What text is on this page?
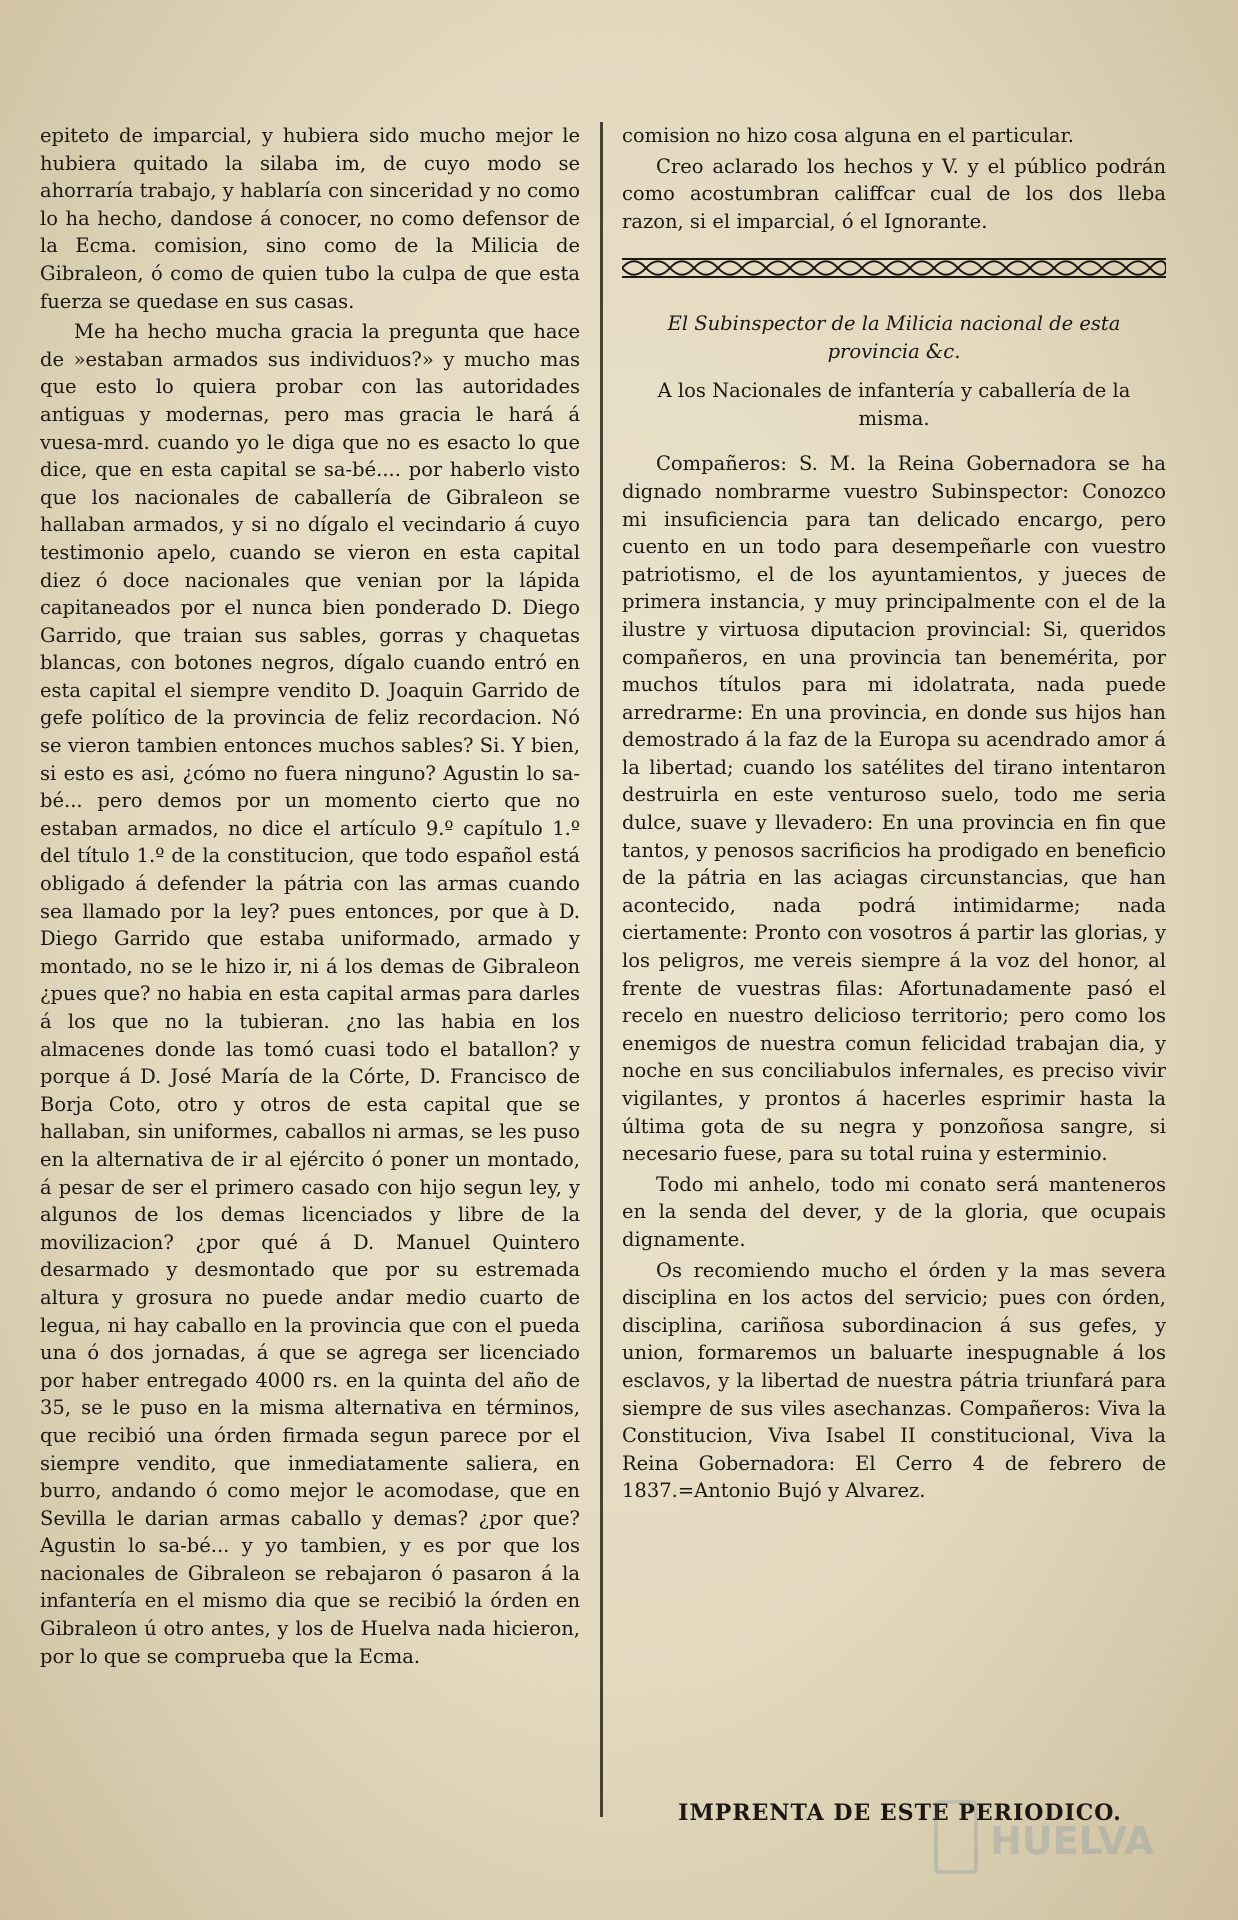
epiteto de imparcial, y hubiera sido mucho mejor le hubiera quitado la silaba im, de cuyo modo se ahorraría trabajo, y hablaría con sinceridad y no como lo ha hecho, dandose á conocer, no como defensor de la Ecma. comision, sino como de la Milicia de Gibraleon, ó como de quien tubo la culpa de que esta fuerza se quedase en sus casas.

Me ha hecho mucha gracia la pregunta que hace de »estaban armados sus individuos?» y mucho mas que esto lo quiera probar con las autoridades antiguas y modernas, pero mas gracia le hará á vuesa-mrd. cuando yo le diga que no es esacto lo que dice, que en esta capital se sa-bé.... por haberlo visto que los nacionales de caballería de Gibraleon se hallaban armados, y si no dígalo el vecindario á cuyo testimonio apelo, cuando se vieron en esta capital diez ó doce nacionales que venian por la lápida capitaneados por el nunca bien ponderado D. Diego Garrido, que traian sus sables, gorras y chaquetas blancas, con botones negros, dígalo cuando entró en esta capital el siempre vendito D. Joaquin Garrido de gefe político de la provincia de feliz recordacion. Nó se vieron tambien entonces muchos sables? Si. Y bien, si esto es asi, ¿cómo no fuera ninguno? Agustin lo sa-bé... pero demos por un momento cierto que no estaban armados, no dice el artículo 9.º capítulo 1.º del título 1.º de la constitucion, que todo español está obligado á defender la pátria con las armas cuando sea llamado por la ley? pues entonces, por que à D. Diego Garrido que estaba uniformado, armado y montado, no se le hizo ir, ni á los demas de Gibraleon ¿pues que? no habia en esta capital armas para darles á los que no la tubieran. ¿no las habia en los almacenes donde las tomó cuasi todo el batallon? y porque á D. José María de la Córte, D. Francisco de Borja Coto, otro y otros de esta capital que se hallaban, sin uniformes, caballos ni armas, se les puso en la alternativa de ir al ejército ó poner un montado, á pesar de ser el primero casado con hijo segun ley, y algunos de los demas licenciados y libre de la movilizacion? ¿por qué á D. Manuel Quintero desarmado y desmontado que por su estremada altura y grosura no puede andar medio cuarto de legua, ni hay caballo en la provincia que con el pueda una ó dos jornadas, á que se agrega ser licenciado por haber entregado 4000 rs. en la quinta del año de 35, se le puso en la misma alternativa en términos, que recibió una órden firmada segun parece por el siempre vendito, que inmediatamente saliera, en burro, andando ó como mejor le acomodase, que en Sevilla le darian armas caballo y demas? ¿por que? Agustin lo sa-bé... y yo tambien, y es por que los nacionales de Gibraleon se rebajaron ó pasaron á la infantería en el mismo dia que se recibió la órden en Gibraleon ú otro antes, y los de Huelva nada hicieron, por lo que se comprueba que la Ecma.

comision no hizo cosa alguna en el particular.

Creo aclarado los hechos y V. y el público podrán como acostumbran califfcar cual de los dos lleba razon, si el imparcial, ó el Ignorante.

El Subinspector de la Milicia nacional de esta provincia &c.
A los Nacionales de infantería y caballería de la misma.

Compañeros: S. M. la Reina Gobernadora se ha dignado nombrarme vuestro Subinspector: Conozco mi insuficiencia para tan delicado encargo, pero cuento en un todo para desempeñarle con vuestro patriotismo, el de los ayuntamientos, y jueces de primera instancia, y muy principalmente con el de la ilustre y virtuosa diputacion provincial: Si, queridos compañeros, en una provincia tan benemérita, por muchos títulos para mi idolatrata, nada puede arredrarme: En una provincia, en donde sus hijos han demostrado á la faz de la Europa su acendrado amor á la libertad; cuando los satélites del tirano intentaron destruirla en este venturoso suelo, todo me seria dulce, suave y llevadero: En una provincia en fin que tantos, y penosos sacrificios ha prodigado en beneficio de la pátria en las aciagas circunstancias, que han acontecido, nada podrá intimidarme; nada ciertamente: Pronto con vosotros á partir las glorias, y los peligros, me vereis siempre á la voz del honor, al frente de vuestras filas: Afortunadamente pasó el recelo en nuestro delicioso territorio; pero como los enemigos de nuestra comun felicidad trabajan dia, y noche en sus conciliabulos infernales, es preciso vivir vigilantes, y prontos á hacerles esprimir hasta la última gota de su negra y ponzoñosa sangre, si necesario fuese, para su total ruina y esterminio.

Todo mi anhelo, todo mi conato será manteneros en la senda del dever, y de la gloria, que ocupais dignamente.

Os recomiendo mucho el órden y la mas severa disciplina en los actos del servicio; pues con órden, disciplina, cariñosa subordinacion á sus gefes, y union, formaremos un baluarte inespugnable á los esclavos, y la libertad de nuestra pátria triunfará para siempre de sus viles asechanzas. Compañeros: Viva la Constitucion, Viva Isabel II constitucional, Viva la Reina Gobernadora: El Cerro 4 de febrero de 1837.=Antonio Bujó y Alvarez.

IMPRENTA DE ESTE PERIODICO.
HUELVA
